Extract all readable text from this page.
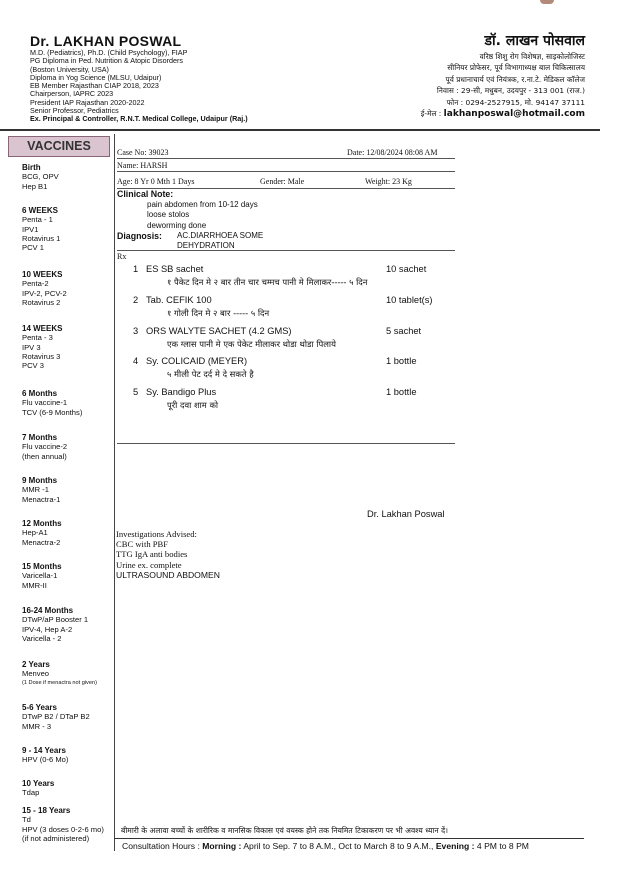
Dr. LAKHAN POSWAL
M.D. (Pediatrics), Ph.D. (Child Psychology), FIAP
PG Diploma in Ped. Nutrition & Atopic Disorders
(Boston University, USA)
Diploma in Yog Science (MLSU, Udaipur)
EB Member Rajasthan CIAP 2018, 2023
Chairperson, IAPRC 2023
President IAP Rajasthan 2020-2022
Senior Professor, Pediatrics
Ex. Principal & Controller, R.N.T. Medical College, Udaipur (Raj.)
डॉ. लाखन पोसवाल
वरिष्ठ शिशु रोग विशेषज्ञ, साइकोलोजिस्ट
सीनियर प्रोफेसर, पूर्व विभागाध्यक्ष बाल चिकित्सालय
पूर्व प्रधानाचार्य एवं नियंत्रक, र.ना.टे. मेडिकल कॉलेज
निवास : 29-सी, मधुबन, उदयपुर - 313 001 (राज.)
फोन : 0294-2527915, मो. 94147 37111
ई-मेल : lakhanposwal@hotmail.com
VACCINES
Birth
BCG, OPV
Hep B1
6 WEEKS
Penta - 1
IPV1
Rotavirus 1
PCV 1
10 WEEKS
Penta-2
IPV-2, PCV-2
Rotavirus 2
14 WEEKS
Penta - 3
IPV 3
Rotavirus 3
PCV 3
6 Months
Flu vaccine-1
TCV (6-9 Months)
7 Months
Flu vaccine-2
(then annual)
9 Months
MMR -1
Menactra-1
12 Months
Hep-A1
Menactra-2
15 Months
Varicella-1
MMR-II
16-24 Months
DTwP/aP Booster 1
IPV-4, Hep A-2
Varicella - 2
2 Years
Menveo
(1 Dose if menactra not given)
5-6 Years
DTwP B2 / DTaP B2
MMR - 3
9 - 14 Years
HPV (0-6 Mo)
10 Years
Tdap
15 - 18 Years
Td
HPV (3 doses 0-2-6 mo)
(if not administered)
Case No: 39023	Date: 12/08/2024 08:08 AM
Name: HARSH
Age: 8 Yr 0 Mth 1 Days	Gender: Male	Weight: 23 Kg
Clinical Note:
pain abdomen from 10-12 days
loose stolos
deworming done
Diagnosis: AC.DIARRHOEA SOME
DEHYDRATION
Rx
1 ES SB sachet	10 sachet
१ पैकेट दिन मे २ बार तीन चार चम्मच पानी मे मिलाकर----- ५ दिन
2 Tab. CEFIK 100	10 tablet(s)
१ गोली दिन मे २ बार ----- ५ दिन
3 ORS WALYTE SACHET (4.2 GMS)	5 sachet
एक ग्लास पानी मे एक पेकेट मीलाकर थोडा थोडा पिलाये
4 Sy. COLICAID (MEYER)	1 bottle
५ मीली पेट दर्द मे दे सकते है
5 Sy. Bandigo Plus	1 bottle
पूरी दवा शाम को
Dr. Lakhan Poswal
Investigations Advised:
CBC with PBF
TTG IgA anti bodies
Urine ex. complete
ULTRASOUND ABDOMEN
बीमारी के अलावा बच्चों के शारीरिक व मानसिक विकास एवं वयस्क होने तक नियमित टिकाकरण पर भी अवश्य ध्यान दें।
Consultation Hours : Morning : April to Sep. 7 to 8 A.M., Oct to March 8 to 9 A.M., Evening : 4 PM to 8 PM
